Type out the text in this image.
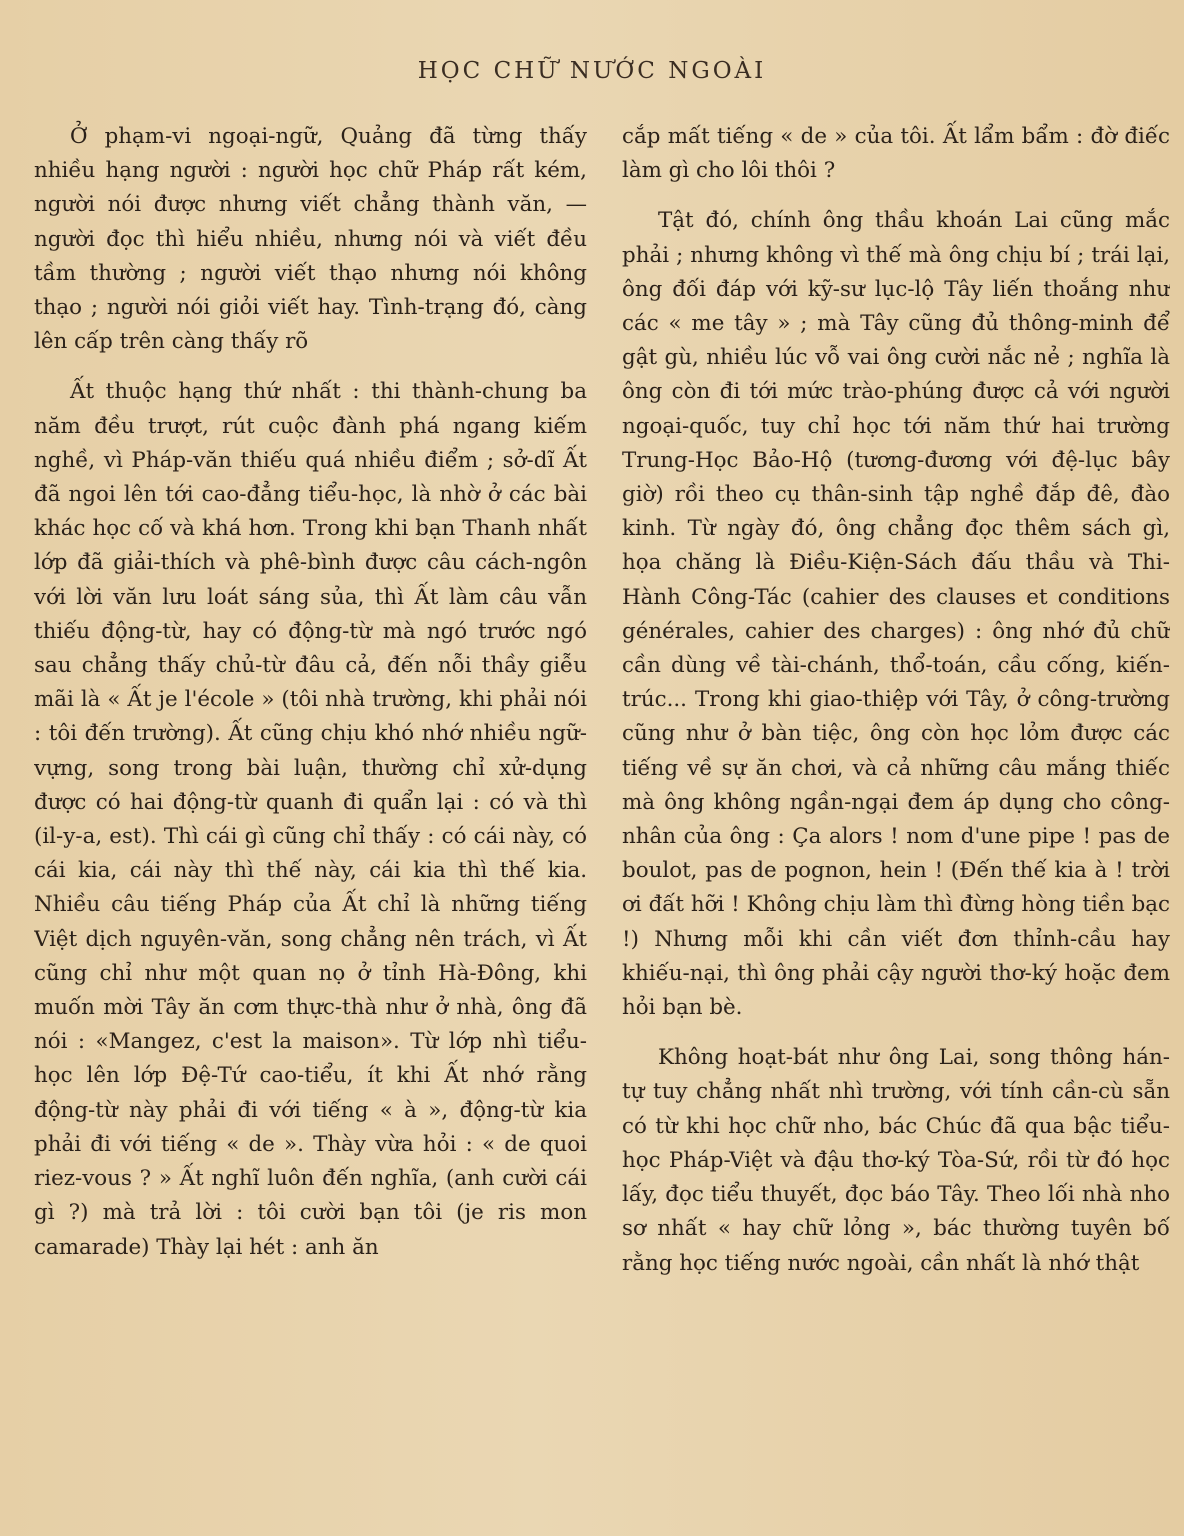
HỌC CHỮ NƯỚC NGOÀI

Ở phạm-vi ngoại-ngữ, Quảng đã từng thấy nhiều hạng người : người học chữ Pháp rất kém, người nói được nhưng viết chẳng thành văn, — người đọc thì hiểu nhiều, nhưng nói và viết đều tầm thường ; người viết thạo nhưng nói không thạo ; người nói giỏi viết hay. Tình-trạng đó, càng lên cấp trên càng thấy rõ

Ất thuộc hạng thứ nhất : thi thành-chung ba năm đều trượt, rút cuộc đành phá ngang kiếm nghề, vì Pháp-văn thiếu quá nhiều điểm ; sở-dĩ Ất đã ngoi lên tới cao-đẳng tiểu-học, là nhờ ở các bài khác học cố và khá hơn. Trong khi bạn Thanh nhất lớp đã giải-thích và phê-bình được câu cách-ngôn với lời văn lưu loát sáng sủa, thì Ất làm câu vẫn thiếu động-từ, hay có động-từ mà ngó trước ngó sau chẳng thấy chủ-từ đâu cả, đến nỗi thầy giễu mãi là « Ất je l'école » (tôi nhà trường, khi phải nói : tôi đến trường). Ất cũng chịu khó nhớ nhiều ngữ-vựng, song trong bài luận, thường chỉ xử-dụng được có hai động-từ quanh đi quẩn lại : có và thì (il-y-a, est). Thì cái gì cũng chỉ thấy : có cái này, có cái kia, cái này thì thế này, cái kia thì thế kia. Nhiều câu tiếng Pháp của Ất chỉ là những tiếng Việt dịch nguyên-văn, song chẳng nên trách, vì Ất cũng chỉ như một quan nọ ở tỉnh Hà-Đông, khi muốn mời Tây ăn cơm thực-thà như ở nhà, ông đã nói : «Mangez, c'est la maison». Từ lớp nhì tiểu-học lên lớp Đệ-Tứ cao-tiểu, ít khi Ất nhớ rằng động-từ này phải đi với tiếng « à », động-từ kia phải đi với tiếng « de ». Thày vừa hỏi : « de quoi riez-vous ? » Ất nghĩ luôn đến nghĩa, (anh cười cái gì ?) mà trả lời : tôi cười bạn tôi (je ris mon camarade) Thày lại hét : anh ăn

cắp mất tiếng « de » của tôi. Ất lẩm bẩm : đờ điếc làm gì cho lôi thôi ?

Tật đó, chính ông thầu khoán Lai cũng mắc phải ; nhưng không vì thế mà ông chịu bí ; trái lại, ông đối đáp với kỹ-sư lục-lộ Tây liến thoắng như các « me tây » ; mà Tây cũng đủ thông-minh để gật gù, nhiều lúc vỗ vai ông cười nắc nẻ ; nghĩa là ông còn đi tới mức trào-phúng được cả với người ngoại-quốc, tuy chỉ học tới năm thứ hai trường Trung-Học Bảo-Hộ (tương-đương với đệ-lục bây giờ) rồi theo cụ thân-sinh tập nghề đắp đê, đào kinh. Từ ngày đó, ông chẳng đọc thêm sách gì, họa chăng là Điều-Kiện-Sách đấu thầu và Thi-Hành Công-Tác (cahier des clauses et conditions générales, cahier des charges) : ông nhớ đủ chữ cần dùng về tài-chánh, thổ-toán, cầu cống, kiến-trúc... Trong khi giao-thiệp với Tây, ở công-trường cũng như ở bàn tiệc, ông còn học lỏm được các tiếng về sự ăn chơi, và cả những câu mắng thiếc mà ông không ngần-ngại đem áp dụng cho công-nhân của ông : Ça alors ! nom d'une pipe ! pas de boulot, pas de pognon, hein ! (Đến thế kia à ! trời ơi đất hỡi ! Không chịu làm thì đừng hòng tiền bạc !) Nhưng mỗi khi cần viết đơn thỉnh-cầu hay khiếu-nại, thì ông phải cậy người thơ-ký hoặc đem hỏi bạn bè.

Không hoạt-bát như ông Lai, song thông hán-tự tuy chẳng nhất nhì trường, với tính cần-cù sẵn có từ khi học chữ nho, bác Chúc đã qua bậc tiểu-học Pháp-Việt và đậu thơ-ký Tòa-Sứ, rồi từ đó học lấy, đọc tiểu thuyết, đọc báo Tây. Theo lối nhà nho sơ nhất « hay chữ lỏng », bác thường tuyên bố rằng học tiếng nước ngoài, cần nhất là nhớ thật
